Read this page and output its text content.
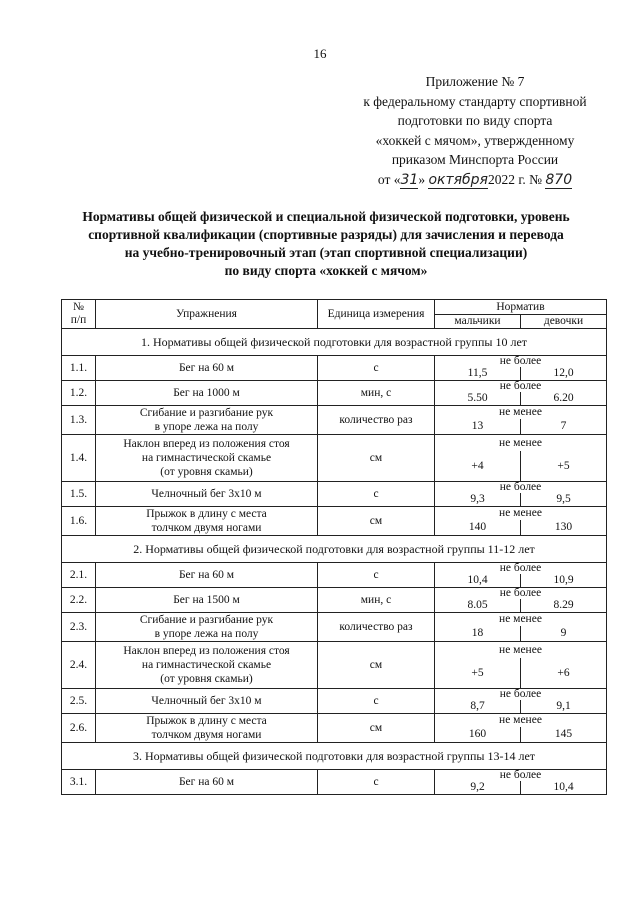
16
Приложение № 7
к федеральному стандарту спортивной
подготовки по виду спорта
«хоккей с мячом», утвержденному
приказом Минспорта России
от «31» октября2022 г. № 870
Нормативы общей физической и специальной физической подготовки, уровень
спортивной квалификации (спортивные разряды) для зачисления и перевода
на учебно-тренировочный этап (этап спортивной специализации)
по виду спорта «хоккей с мячом»
№
п/п	Упражнения	Единица измерения	Норматив	
			мальчики	девочки
1. Нормативы общей физической подготовки для возрастной группы 10 лет				
1.1.	Бег на 60 м	с	не более	
			11,5	12,0
1.2.	Бег на 1000 м	мин, с	не более	
			5.50	6.20
1.3.	Сгибание и разгибание рук
в упоре лежа на полу	количество раз	не менее	
			13	7
1.4.	Наклон вперед из положения стоя
на гимнастической скамье
(от уровня скамьи)	см	не менее	
			+4	+5
1.5.	Челночный бег 3х10 м	с	не более	
			9,3	9,5
1.6.	Прыжок в длину с места
толчком двумя ногами	см	не менее	
			140	130
2. Нормативы общей физической подготовки для возрастной группы 11-12 лет				
2.1.	Бег на 60 м	с	не более	
			10,4	10,9
2.2.	Бег на 1500 м	мин, с	не более	
			8.05	8.29
2.3.	Сгибание и разгибание рук
в упоре лежа на полу	количество раз	не менее	
			18	9
2.4.	Наклон вперед из положения стоя
на гимнастической скамье
(от уровня скамьи)	см	не менее	
			+5	+6
2.5.	Челночный бег 3х10 м	с	не более	
			8,7	9,1
2.6.	Прыжок в длину с места
толчком двумя ногами	см	не менее	
			160	145
3. Нормативы общей физической подготовки для возрастной группы 13-14 лет				
3.1.	Бег на 60 м	с	не более	
			9,2	10,4
